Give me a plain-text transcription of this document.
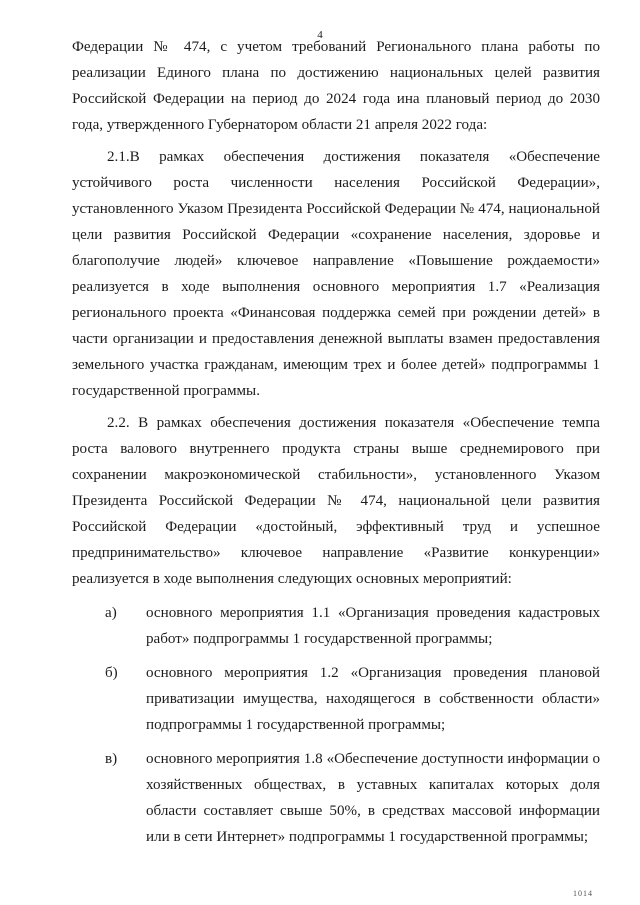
4

Федерации № 474, с учетом требований Регионального плана работы по реализации Единого плана по достижению национальных целей развития Российской Федерации на период до 2024 года ина плановый период до 2030 года, утвержденного Губернатором области 21 апреля 2022 года:

2.1.В рамках обеспечения достижения показателя «Обеспечение устойчивого роста численности населения Российской Федерации», установленного Указом Президента Российской Федерации № 474, национальной цели развития Российской Федерации «сохранение населения, здоровье и благополучие людей» ключевое направление «Повышение рождаемости» реализуется в ходе выполнения основного мероприятия 1.7 «Реализация регионального проекта «Финансовая поддержка семей при рождении детей» в части организации и предоставления денежной выплаты взамен предоставления земельного участка гражданам, имеющим трех и более детей» подпрограммы 1 государственной программы.

2.2. В рамках обеспечения достижения показателя «Обеспечение темпа роста валового внутреннего продукта страны выше среднемирового при сохранении макроэкономической стабильности», установленного Указом Президента Российской Федерации № 474, национальной цели развития Российской Федерации «достойный, эффективный труд и успешное предпринимательство» ключевое направление «Развитие конкуренции» реализуется в ходе выполнения следующих основных мероприятий:

а)	основного мероприятия 1.1 «Организация проведения кадастровых работ» подпрограммы 1 государственной программы;
б)	основного мероприятия 1.2 «Организация проведения плановой приватизации имущества, находящегося в собственности области» подпрограммы 1 государственной программы;
в)	основного мероприятия 1.8 «Обеспечение доступности информации о хозяйственных обществах, в уставных капиталах которых доля области составляет свыше 50%, в средствах массовой информации или в сети Интернет» подпрограммы 1 государственной программы;
1014
